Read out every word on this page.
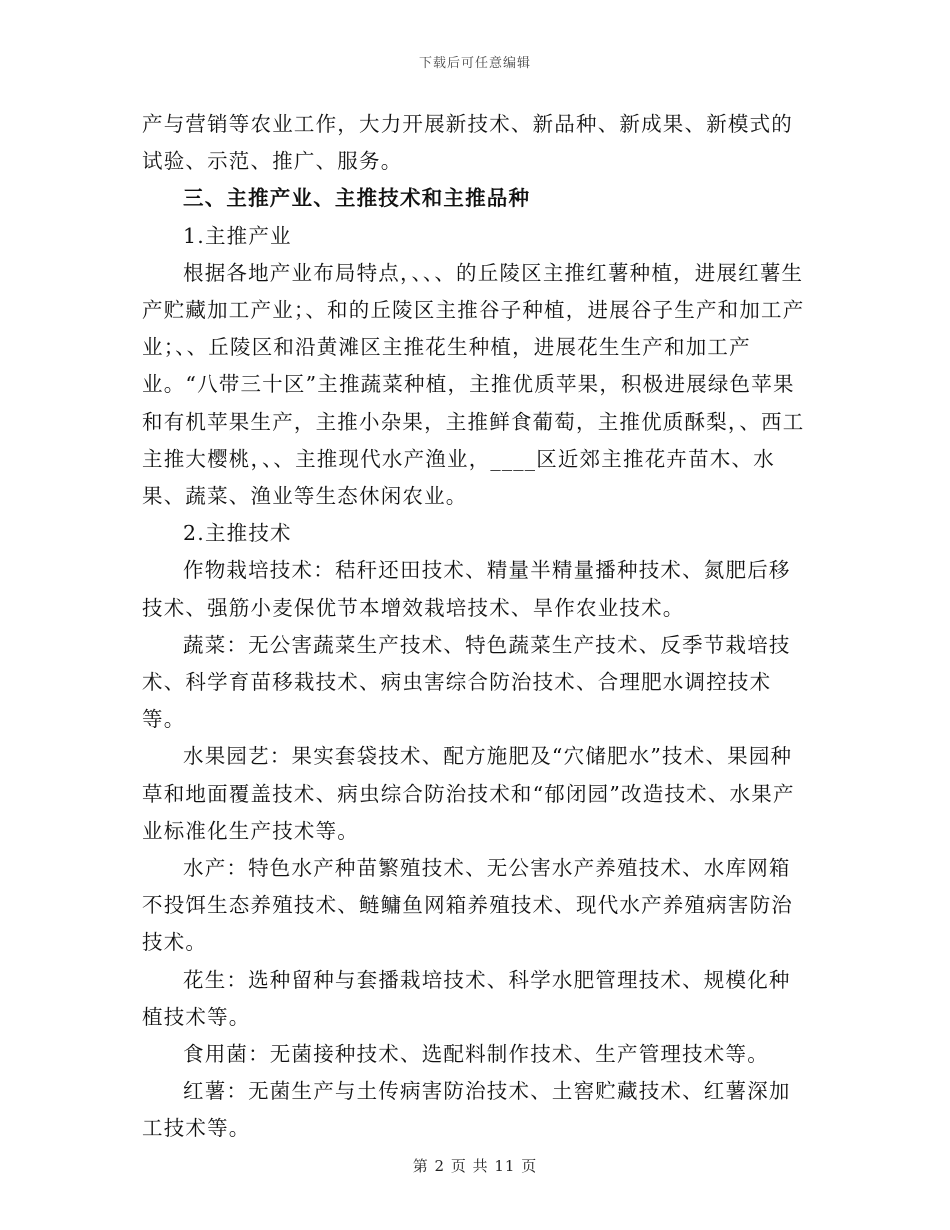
下载后可任意编辑

产与营销等农业工作，大力开展新技术、新品种、新成果、新模式的试验、示范、推广、服务。

三、主推产业、主推技术和主推品种

1.主推产业

根据各地产业布局特点，、、、的丘陵区主推红薯种植，进展红薯生产贮藏加工产业；、和的丘陵区主推谷子种植，进展谷子生产和加工产业；、、丘陵区和沿黄滩区主推花生种植，进展花生生产和加工产业。“八带三十区”主推蔬菜种植，主推优质苹果，积极进展绿色苹果和有机苹果生产，主推小杂果，主推鲜食葡萄，主推优质酥梨，、西工主推大樱桃，、、主推现代水产渔业，____区近郊主推花卉苗木、水果、蔬菜、渔业等生态休闲农业。

2.主推技术

作物栽培技术：秸秆还田技术、精量半精量播种技术、氮肥后移技术、强筋小麦保优节本增效栽培技术、旱作农业技术。

蔬菜：无公害蔬菜生产技术、特色蔬菜生产技术、反季节栽培技术、科学育苗移栽技术、病虫害综合防治技术、合理肥水调控技术等。

水果园艺：果实套袋技术、配方施肥及“穴储肥水”技术、果园种草和地面覆盖技术、病虫综合防治技术和“郁闭园”改造技术、水果产业标准化生产技术等。

水产：特色水产种苗繁殖技术、无公害水产养殖技术、水库网箱不投饵生态养殖技术、鲢鳙鱼网箱养殖技术、现代水产养殖病害防治技术。

花生：选种留种与套播栽培技术、科学水肥管理技术、规模化种植技术等。

食用菌：无菌接种技术、选配料制作技术、生产管理技术等。

红薯：无菌生产与土传病害防治技术、土窖贮藏技术、红薯深加工技术等。

第 2 页 共 11 页
